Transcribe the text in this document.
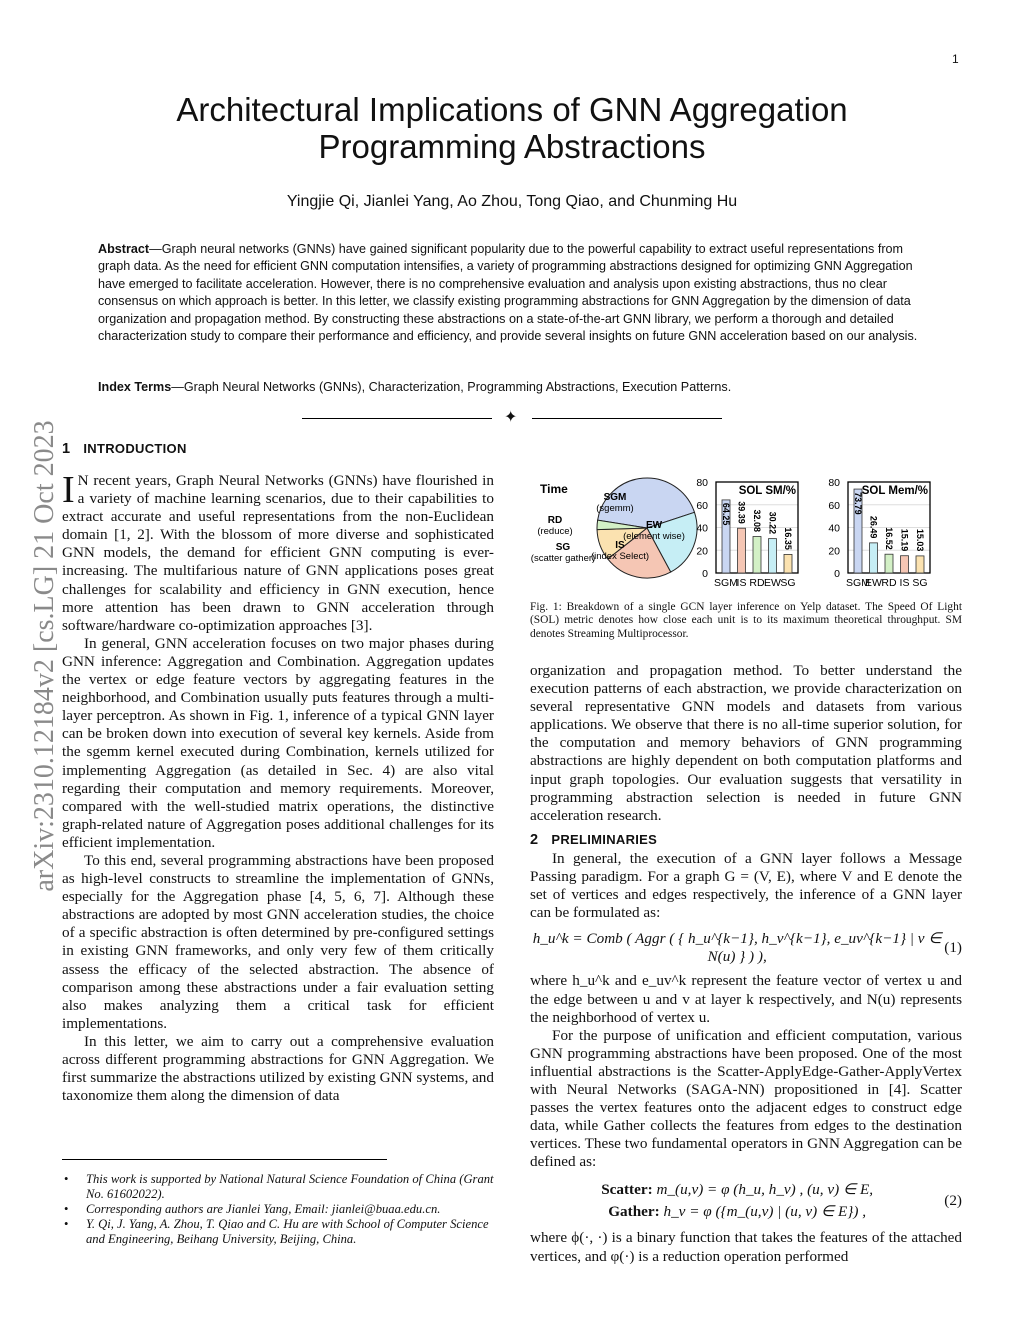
1
arXiv:2310.12184v2 [cs.LG] 21 Oct 2023
Architectural Implications of GNN Aggregation Programming Abstractions
Yingjie Qi, Jianlei Yang, Ao Zhou, Tong Qiao, and Chunming Hu
Abstract—Graph neural networks (GNNs) have gained significant popularity due to the powerful capability to extract useful representations from graph data. As the need for efficient GNN computation intensifies, a variety of programming abstractions designed for optimizing GNN Aggregation have emerged to facilitate acceleration. However, there is no comprehensive evaluation and analysis upon existing abstractions, thus no clear consensus on which approach is better. In this letter, we classify existing programming abstractions for GNN Aggregation by the dimension of data organization and propagation method. By constructing these abstractions on a state-of-the-art GNN library, we perform a thorough and detailed characterization study to compare their performance and efficiency, and provide several insights on future GNN acceleration based on our analysis.
Index Terms—Graph Neural Networks (GNNs), Characterization, Programming Abstractions, Execution Patterns.
✦
1 INTRODUCTION

I N recent years, Graph Neural Networks (GNNs) have flourished in a variety of machine learning scenarios, due to their capabilities to extract accurate and useful representations from the non-Euclidean domain [1, 2]. With the blossom of more diverse and sophisticated GNN models, the demand for efficient GNN computing is ever-increasing. The multifarious nature of GNN applications poses great challenges for scalability and efficiency in GNN execution, hence more attention has been drawn to GNN acceleration through software/hardware co-optimization approaches [3].

In general, GNN acceleration focuses on two major phases during GNN inference: Aggregation and Combination. Aggregation updates the vertex or edge feature vectors by aggregating features in the neighborhood, and Combination usually puts features through a multi-layer perceptron. As shown in Fig. 1, inference of a typical GNN layer can be broken down into execution of several key kernels. Aside from the sgemm kernel executed during Combination, kernels utilized for implementing Aggregation (as detailed in Sec. 4) are also vital regarding their computation and memory requirements. Moreover, compared with the well-studied matrix operations, the distinctive graph-related nature of Aggregation poses additional challenges for its efficient implementation.

To this end, several programming abstractions have been proposed as high-level constructs to streamline the implementation of GNNs, especially for the Aggregation phase [4, 5, 6, 7]. Although these abstractions are adopted by most GNN acceleration studies, the choice of a specific abstraction is often determined by pre-configured settings in existing GNN frameworks, and only very few of them critically assess the efficacy of the selected abstraction. The absence of comparison among these abstractions under a fair evaluation setting also makes analyzing them a critical task for efficient implementations.

In this letter, we aim to carry out a comprehensive evaluation across different programming abstractions for GNN Aggregation. We first summarize the abstractions utilized by existing GNN systems, and taxonomize them along the dimension of data

• This work is supported by National Natural Science Foundation of China (Grant No. 61602022).
• Corresponding authors are Jianlei Yang, Email: jianlei@buaa.edu.cn.
• Y. Qi, J. Yang, A. Zhou, T. Qiao and C. Hu are with School of Computer Science and Engineering, Beihang University, Beijing, China.
Time
SGM
(sgemm)
EW
(element wise)
IS
(index Select)
SG
(scatter gather)
RD
(reduce)
0
20
40
60
80
SOL SM/%
64.25
SGM
39.39
IS
32.08
RD
30.22
EW
16.35
SG
0
20
40
60
80
SOL Mem/%
73.79
SGM
26.49
EW
16.52
RD
15.19
IS
15.03
SG
Fig. 1: Breakdown of a single GCN layer inference on Yelp dataset. The Speed Of Light (SOL) metric denotes how close each unit is to its maximum theoretical throughput. SM denotes Streaming Multiprocessor.

organization and propagation method. To better understand the execution patterns of each abstraction, we provide characterization on several representative GNN models and datasets from various applications. We observe that there is no all-time superior solution, for the computation and memory behaviors of GNN programming abstractions are highly dependent on both computation platforms and input graph topologies. Our evaluation suggests that versatility in programming abstraction selection is needed in future GNN acceleration research.

2 PRELIMINARIES

In general, the execution of a GNN layer follows a Message Passing paradigm. For a graph G = (V, E), where V and E denote the set of vertices and edges respectively, the inference of a GNN layer can be formulated as:

h_u^k = Comb ( Aggr ( { h_u^{k−1}, h_v^{k−1}, e_uv^{k−1} | v ∈ N(u) } ) ),
(1)

where h_u^k and e_uv^k represent the feature vector of vertex u and the edge between u and v at layer k respectively, and N(u) represents the neighborhood of vertex u.

For the purpose of unification and efficient computation, various GNN programming abstractions have been proposed. One of the most influential abstractions is the Scatter-ApplyEdge-Gather-ApplyVertex with Neural Networks (SAGA-NN) propositioned in [4]. Scatter passes the vertex features onto the adjacent edges to construct edge data, while Gather collects the features from edges to the destination vertices. These two fundamental operators in GNN Aggregation can be defined as:

Scatter: m_(u,v) = φ (h_u, h_v) , (u, v) ∈ E,
Gather: h_v = φ ({m_(u,v) | (u, v) ∈ E}) ,
(2)

where ϕ(·, ·) is a binary function that takes the features of the attached vertices, and φ(·) is a reduction operation performed
